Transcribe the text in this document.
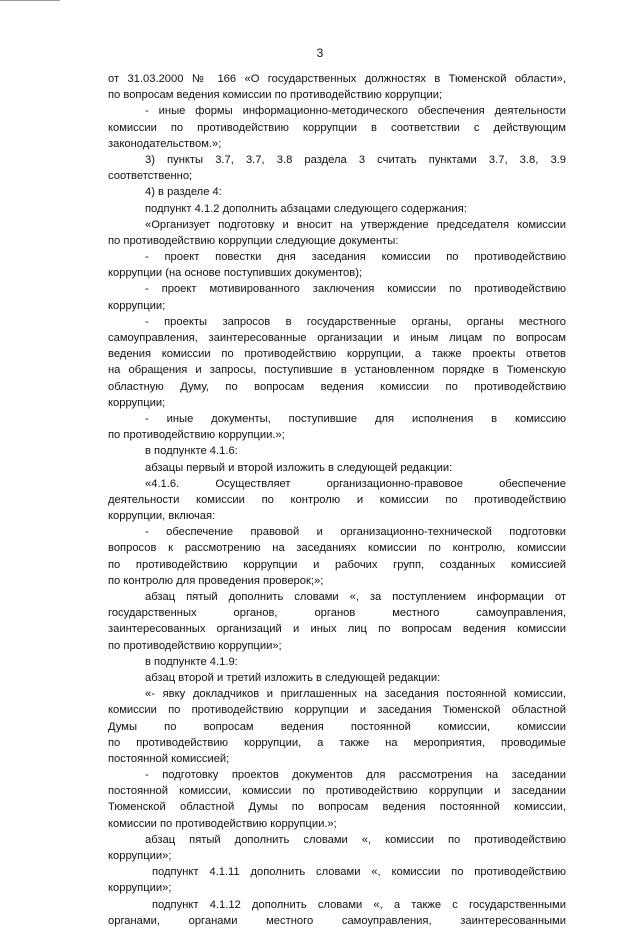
3
от 31.03.2000 № 166 «О государственных должностях в Тюменской области»,
по вопросам ведения комиссии по противодействию коррупции;
- иные формы информационно-методического обеспечения деятельности
комиссии по противодействию коррупции в соответствии с действующим
законодательством.»;
3) пункты 3.7, 3.7, 3.8 раздела 3 считать пунктами 3.7, 3.8, 3.9
соответственно;
4) в разделе 4:
подпункт 4.1.2 дополнить абзацами следующего содержания:
«Организует подготовку и вносит на утверждение председателя комиссии
по противодействию коррупции следующие документы:
- проект повестки дня заседания комиссии по противодействию
коррупции (на основе поступивших документов);
- проект мотивированного заключения комиссии по противодействию
коррупции;
- проекты запросов в государственные органы, органы местного
самоуправления, заинтересованные организации и иным лицам по вопросам
ведения комиссии по противодействию коррупции, а также проекты ответов
на обращения и запросы, поступившие в установленном порядке в Тюменскую
областную Думу, по вопросам ведения комиссии по противодействию
коррупции;
- иные документы, поступившие для исполнения в комиссию
по противодействию коррупции.»;
в подпункте 4.1.6:
абзацы первый и второй изложить в следующей редакции:
«4.1.6. Осуществляет организационно-правовое обеспечение
деятельности комиссии по контролю и комиссии по противодействию
коррупции, включая:
- обеспечение правовой и организационно-технической подготовки
вопросов к рассмотрению на заседаниях комиссии по контролю, комиссии
по противодействию коррупции и рабочих групп, созданных комиссией
по контролю для проведения проверок;»;
абзац пятый дополнить словами «, за поступлением информации от
государственных органов, органов местного самоуправления,
заинтересованных организаций и иных лиц по вопросам ведения комиссии
по противодействию коррупции»;
в подпункте 4.1.9:
абзац второй и третий изложить в следующей редакции:
«- явку докладчиков и приглашенных на заседания постоянной комиссии,
комиссии по противодействию коррупции и заседания Тюменской областной
Думы по вопросам ведения постоянной комиссии, комиссии
по противодействию коррупции, а также на мероприятия, проводимые
постоянной комиссией;
- подготовку проектов документов для рассмотрения на заседании
постоянной комиссии, комиссии по противодействию коррупции и заседании
Тюменской областной Думы по вопросам ведения постоянной комиссии,
комиссии по противодействию коррупции.»;
абзац пятый дополнить словами «, комиссии по противодействию
коррупции»;
подпункт 4.1.11 дополнить словами «, комиссии по противодействию
коррупции»;
подпункт 4.1.12 дополнить словами «, а также с государственными
органами, органами местного самоуправления, заинтересованными
